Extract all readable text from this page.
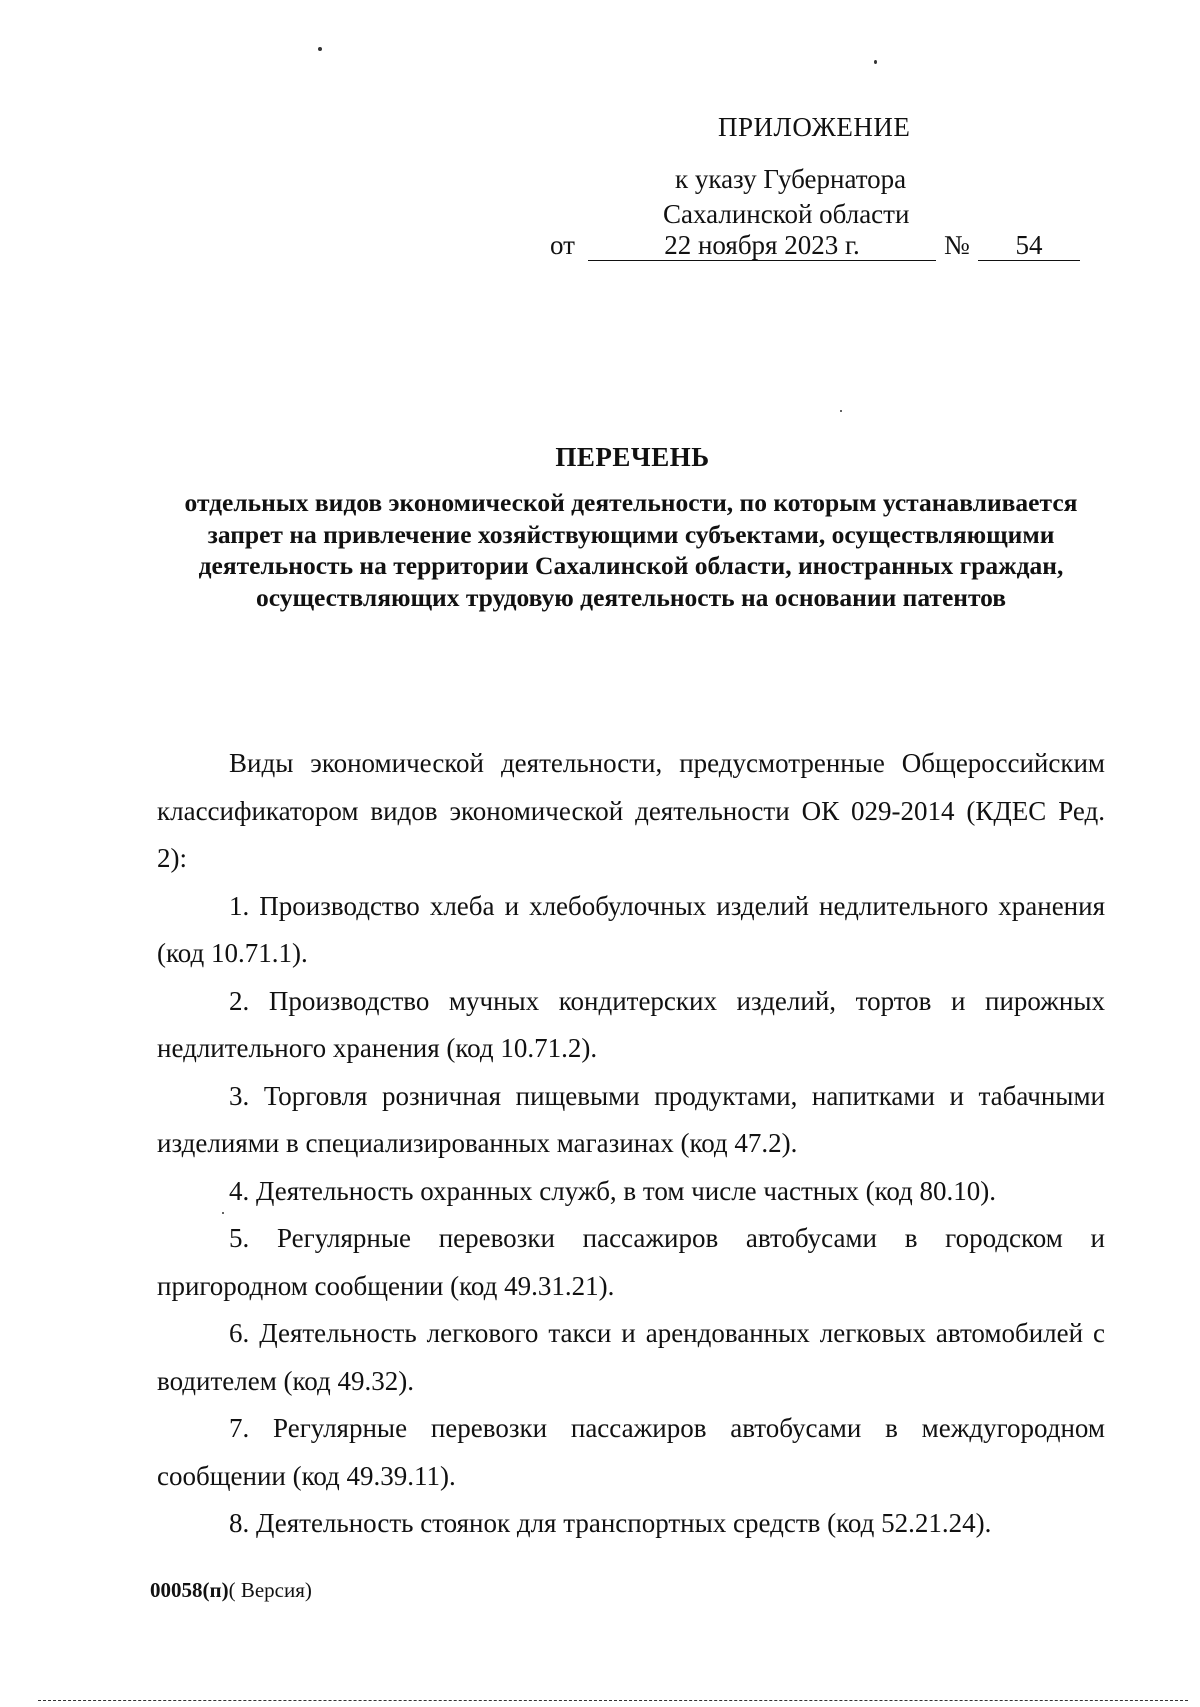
ПРИЛОЖЕНИЕ
к указу Губернатора
Сахалинской области
от	22 ноября 2023 г.	№	54
ПЕРЕЧЕНЬ
отдельных видов экономической деятельности, по которым устанавливается запрет на привлечение хозяйствующими субъектами, осуществляющими деятельность на территории Сахалинской области, иностранных граждан, осуществляющих трудовую деятельность на основании патентов

Виды экономической деятельности, предусмотренные Общероссийским классификатором видов экономической деятельности ОК 029-2014 (КДЕС Ред. 2):

1. Производство хлеба и хлебобулочных изделий недлительного хранения (код 10.71.1).

2. Производство мучных кондитерских изделий, тортов и пирожных недлительного хранения (код 10.71.2).

3. Торговля розничная пищевыми продуктами, напитками и табачными изделиями в специализированных магазинах (код 47.2).

4. Деятельность охранных служб, в том числе частных (код 80.10).

5. Регулярные перевозки пассажиров автобусами в городском и пригородном сообщении (код 49.31.21).

6. Деятельность легкового такси и арендованных легковых автомобилей с водителем (код 49.32).

7. Регулярные перевозки пассажиров автобусами в междугородном сообщении (код 49.39.11).

8. Деятельность стоянок для транспортных средств (код 52.21.24).

00058(п)( Версия)
